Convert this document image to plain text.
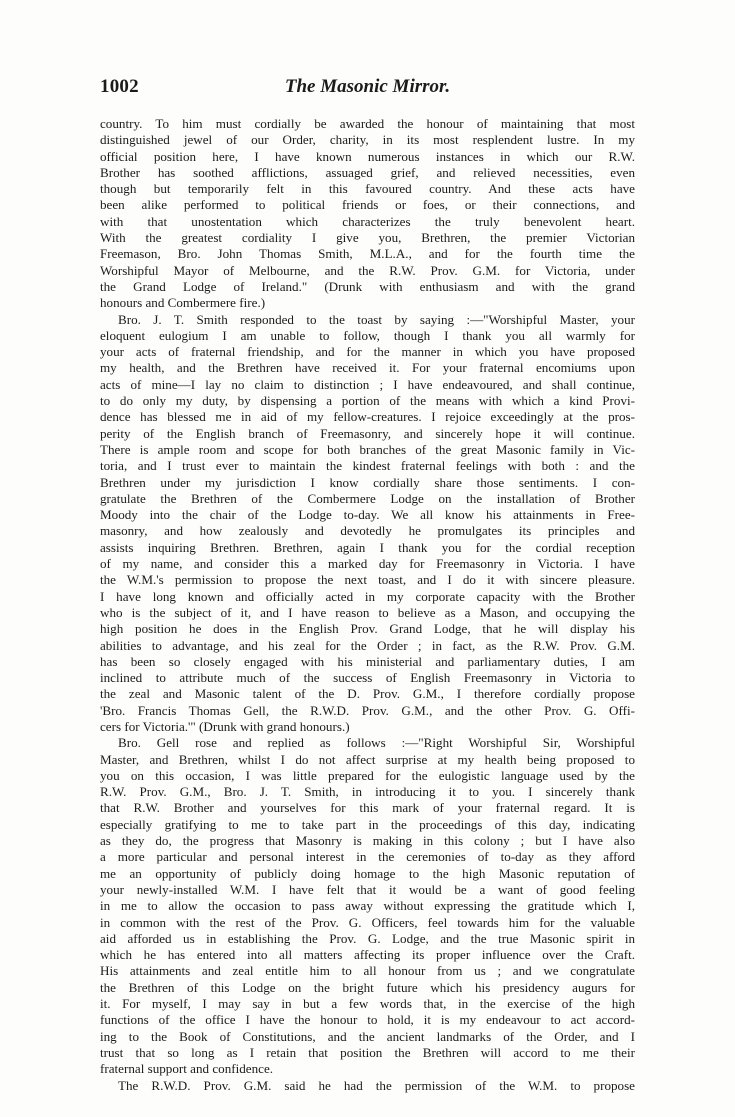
1002	The Masonic Mirror.
country. To him must cordially be awarded the honour of maintaining that most
distinguished jewel of our Order, charity, in its most resplendent lustre. In my
official position here, I have known numerous instances in which our R.W.
Brother has soothed afflictions, assuaged grief, and relieved necessities, even
though but temporarily felt in this favoured country. And these acts have
been alike performed to political friends or foes, or their connections, and
with that unostentation which characterizes the truly benevolent heart.
With the greatest cordiality I give you, Brethren, the premier Victorian
Freemason, Bro. John Thomas Smith, M.L.A., and for the fourth time the
Worshipful Mayor of Melbourne, and the R.W. Prov. G.M. for Victoria, under
the Grand Lodge of Ireland." (Drunk with enthusiasm and with the grand
honours and Combermere fire.)
Bro. J. T. Smith responded to the toast by saying :—"Worshipful Master, your
eloquent eulogium I am unable to follow, though I thank you all warmly for
your acts of fraternal friendship, and for the manner in which you have proposed
my health, and the Brethren have received it. For your fraternal encomiums upon
acts of mine—I lay no claim to distinction ; I have endeavoured, and shall continue,
to do only my duty, by dispensing a portion of the means with which a kind Provi-
dence has blessed me in aid of my fellow-creatures. I rejoice exceedingly at the pros-
perity of the English branch of Freemasonry, and sincerely hope it will continue.
There is ample room and scope for both branches of the great Masonic family in Vic-
toria, and I trust ever to maintain the kindest fraternal feelings with both : and the
Brethren under my jurisdiction I know cordially share those sentiments. I con-
gratulate the Brethren of the Combermere Lodge on the installation of Brother
Moody into the chair of the Lodge to-day. We all know his attainments in Free-
masonry, and how zealously and devotedly he promulgates its principles and
assists inquiring Brethren. Brethren, again I thank you for the cordial reception
of my name, and consider this a marked day for Freemasonry in Victoria. I have
the W.M.'s permission to propose the next toast, and I do it with sincere pleasure.
I have long known and officially acted in my corporate capacity with the Brother
who is the subject of it, and I have reason to believe as a Mason, and occupying the
high position he does in the English Prov. Grand Lodge, that he will display his
abilities to advantage, and his zeal for the Order ; in fact, as the R.W. Prov. G.M.
has been so closely engaged with his ministerial and parliamentary duties, I am
inclined to attribute much of the success of English Freemasonry in Victoria to
the zeal and Masonic talent of the D. Prov. G.M., I therefore cordially propose
'Bro. Francis Thomas Gell, the R.W.D. Prov. G.M., and the other Prov. G. Offi-
cers for Victoria.'" (Drunk with grand honours.)
Bro. Gell rose and replied as follows :—"Right Worshipful Sir, Worshipful
Master, and Brethren, whilst I do not affect surprise at my health being proposed to
you on this occasion, I was little prepared for the eulogistic language used by the
R.W. Prov. G.M., Bro. J. T. Smith, in introducing it to you. I sincerely thank
that R.W. Brother and yourselves for this mark of your fraternal regard. It is
especially gratifying to me to take part in the proceedings of this day, indicating
as they do, the progress that Masonry is making in this colony ; but I have also
a more particular and personal interest in the ceremonies of to-day as they afford
me an opportunity of publicly doing homage to the high Masonic reputation of
your newly-installed W.M. I have felt that it would be a want of good feeling
in me to allow the occasion to pass away without expressing the gratitude which I,
in common with the rest of the Prov. G. Officers, feel towards him for the valuable
aid afforded us in establishing the Prov. G. Lodge, and the true Masonic spirit in
which he has entered into all matters affecting its proper influence over the Craft.
His attainments and zeal entitle him to all honour from us ; and we congratulate
the Brethren of this Lodge on the bright future which his presidency augurs for
it. For myself, I may say in but a few words that, in the exercise of the high
functions of the office I have the honour to hold, it is my endeavour to act accord-
ing to the Book of Constitutions, and the ancient landmarks of the Order, and I
trust that so long as I retain that position the Brethren will accord to me their
fraternal support and confidence.
The R.W.D. Prov. G.M. said he had the permission of the W.M. to propose
